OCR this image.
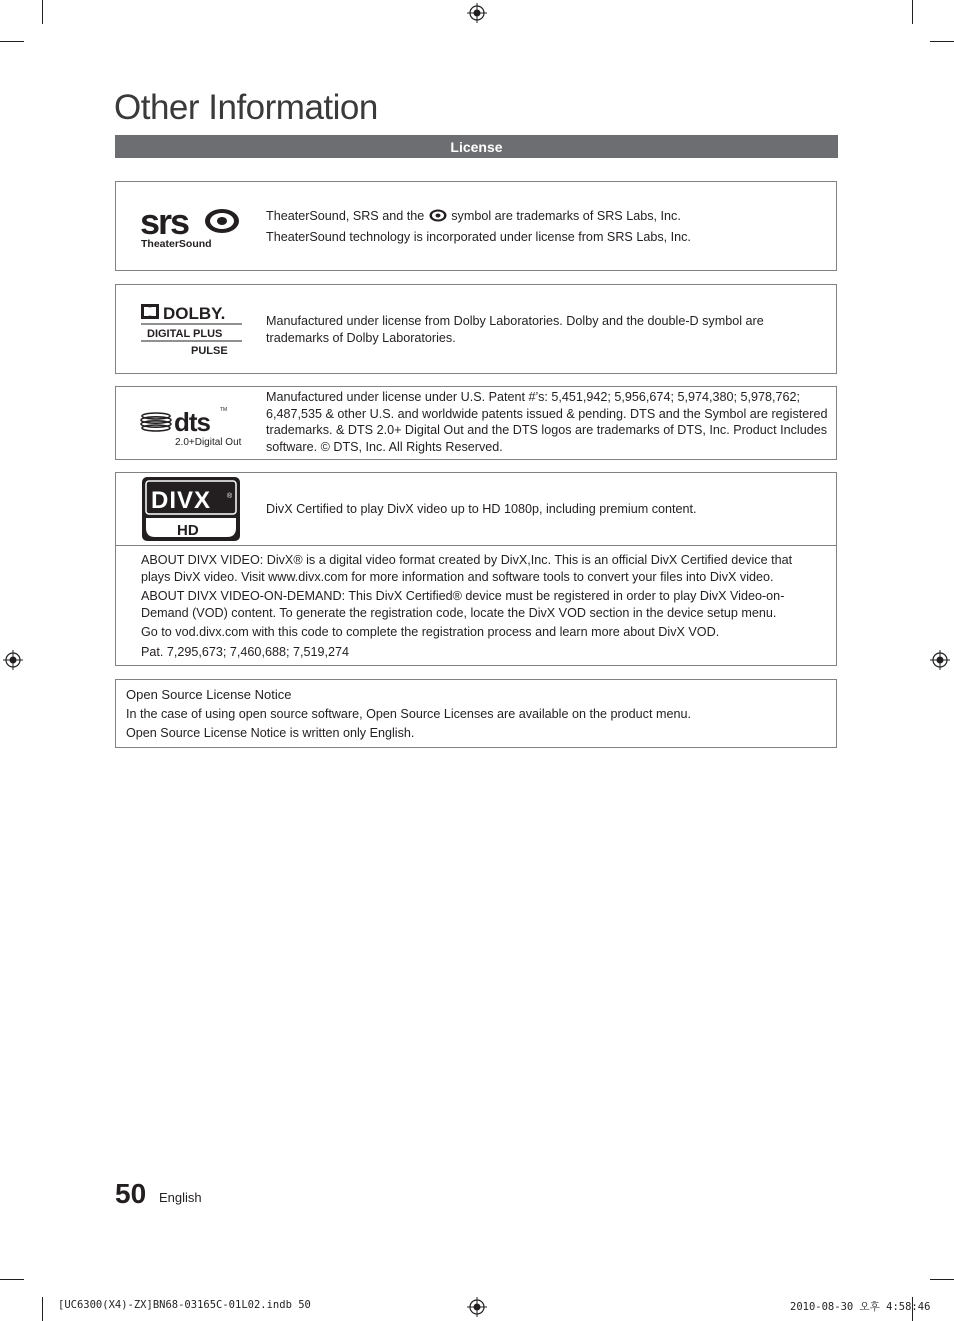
Other Information
License
srs
TheaterSound
TheaterSound, SRS and the symbol are trademarks of SRS Labs, Inc.
TheaterSound technology is incorporated under license from SRS Labs, Inc.
DOLBY.
DIGITAL PLUS
PULSE
Manufactured under license from Dolby Laboratories. Dolby and the double-D symbol are trademarks of Dolby Laboratories.
dts TM
2.0+Digital Out
Manufactured under license under U.S. Patent #’s: 5,451,942; 5,956,674; 5,974,380; 5,978,762; 6,487,535 & other U.S. and worldwide patents issued & pending. DTS and the Symbol are registered trademarks. & DTS 2.0+ Digital Out and the DTS logos are trademarks of DTS, Inc. Product Includes software. © DTS, Inc. All Rights Reserved.
DIVX ®
HD
DivX Certified to play DivX video up to HD 1080p, including premium content.
ABOUT DIVX VIDEO: DivX® is a digital video format created by DivX,Inc. This is an official DivX Certified device that plays DivX video. Visit www.divx.com for more information and software tools to convert your files into DivX video.
ABOUT DIVX VIDEO-ON-DEMAND: This DivX Certified® device must be registered in order to play DivX Video-on-Demand (VOD) content. To generate the registration code, locate the DivX VOD section in the device setup menu.
Go to vod.divx.com with this code to complete the registration process and learn more about DivX VOD.
Pat. 7,295,673; 7,460,688; 7,519,274
Open Source License Notice
In the case of using open source software, Open Source Licenses are available on the product menu.
Open Source License Notice is written only English.
50 English
[UC6300(X4)-ZX]BN68-03165C-01L02.indb 50	2010-08-30 오후 4:58:46
